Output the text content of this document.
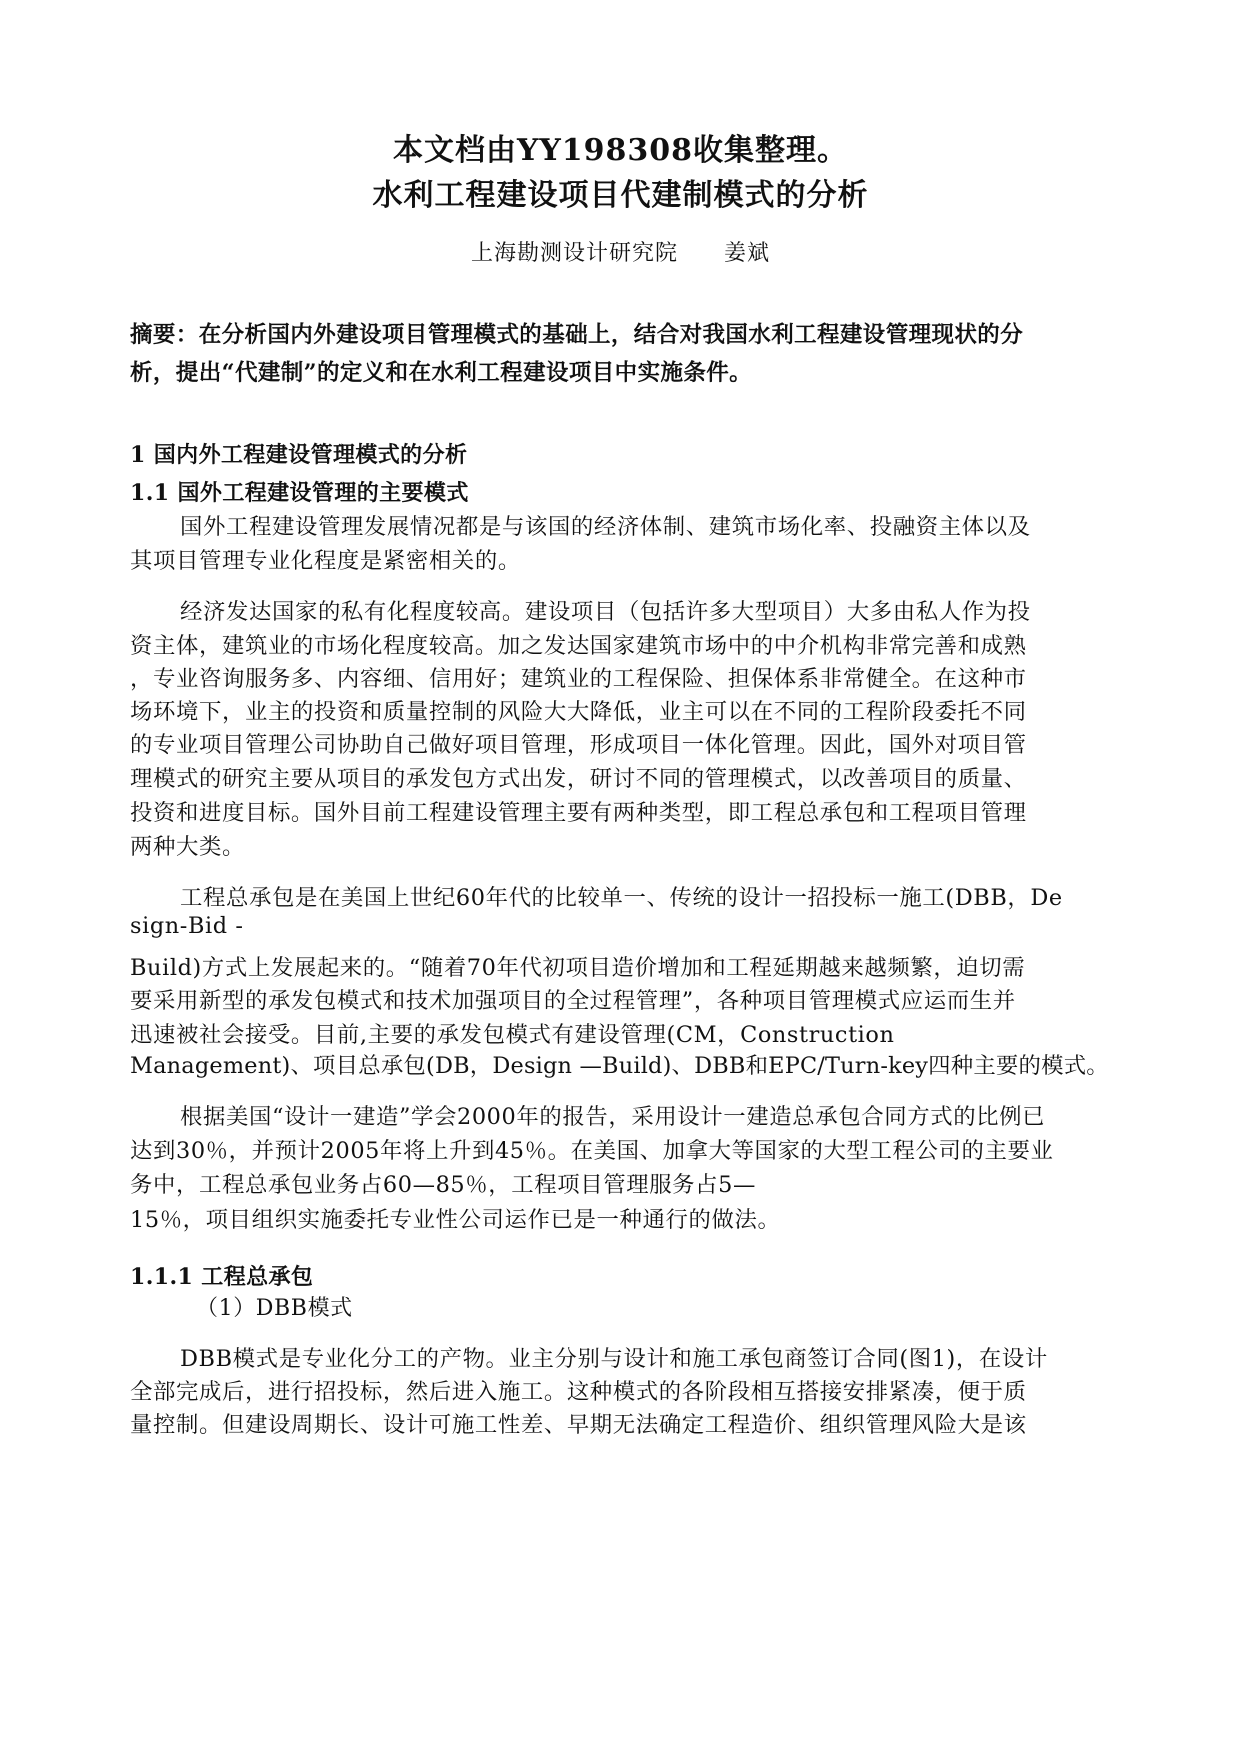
本文档由YY198308收集整理。
水利工程建设项目代建制模式的分析
上海勘测设计研究院　　姜斌
摘要：在分析国内外建设项目管理模式的基础上，结合对我国水利工程建设管理现状的分
析，提出“代建制”的定义和在水利工程建设项目中实施条件。
1 国内外工程建设管理模式的分析
1.1 国外工程建设管理的主要模式
国外工程建设管理发展情况都是与该国的经济体制、建筑市场化率、投融资主体以及
其项目管理专业化程度是紧密相关的。
经济发达国家的私有化程度较高。建设项目（包括许多大型项目）大多由私人作为投
资主体，建筑业的市场化程度较高。加之发达国家建筑市场中的中介机构非常完善和成熟
，专业咨询服务多、内容细、信用好；建筑业的工程保险、担保体系非常健全。在这种市
场环境下，业主的投资和质量控制的风险大大降低，业主可以在不同的工程阶段委托不同
的专业项目管理公司协助自己做好项目管理，形成项目一体化管理。因此，国外对项目管
理模式的研究主要从项目的承发包方式出发，研讨不同的管理模式，以改善项目的质量、
投资和进度目标。国外目前工程建设管理主要有两种类型，即工程总承包和工程项目管理
两种大类。
工程总承包是在美国上世纪60年代的比较单一、传统的设计一招投标一施工(DBB，De
sign-Bid -
Build)方式上发展起来的。“随着70年代初项目造价增加和工程延期越来越频繁，迫切需
要采用新型的承发包模式和技术加强项目的全过程管理”，各种项目管理模式应运而生并
迅速被社会接受。目前,主要的承发包模式有建设管理(CM，Construction
Management)、项目总承包(DB，Design —Build)、DBB和EPC/Turn-key四种主要的模式。
根据美国“设计一建造”学会2000年的报告，采用设计一建造总承包合同方式的比例已
达到30％，并预计2005年将上升到45％。在美国、加拿大等国家的大型工程公司的主要业
务中，工程总承包业务占60—85％，工程项目管理服务占5—
15％，项目组织实施委托专业性公司运作已是一种通行的做法。
1.1.1 工程总承包
（1）DBB模式
DBB模式是专业化分工的产物。业主分别与设计和施工承包商签订合同(图1)，在设计
全部完成后，进行招投标，然后进入施工。这种模式的各阶段相互搭接安排紧凑，便于质
量控制。但建设周期长、设计可施工性差、早期无法确定工程造价、组织管理风险大是该
